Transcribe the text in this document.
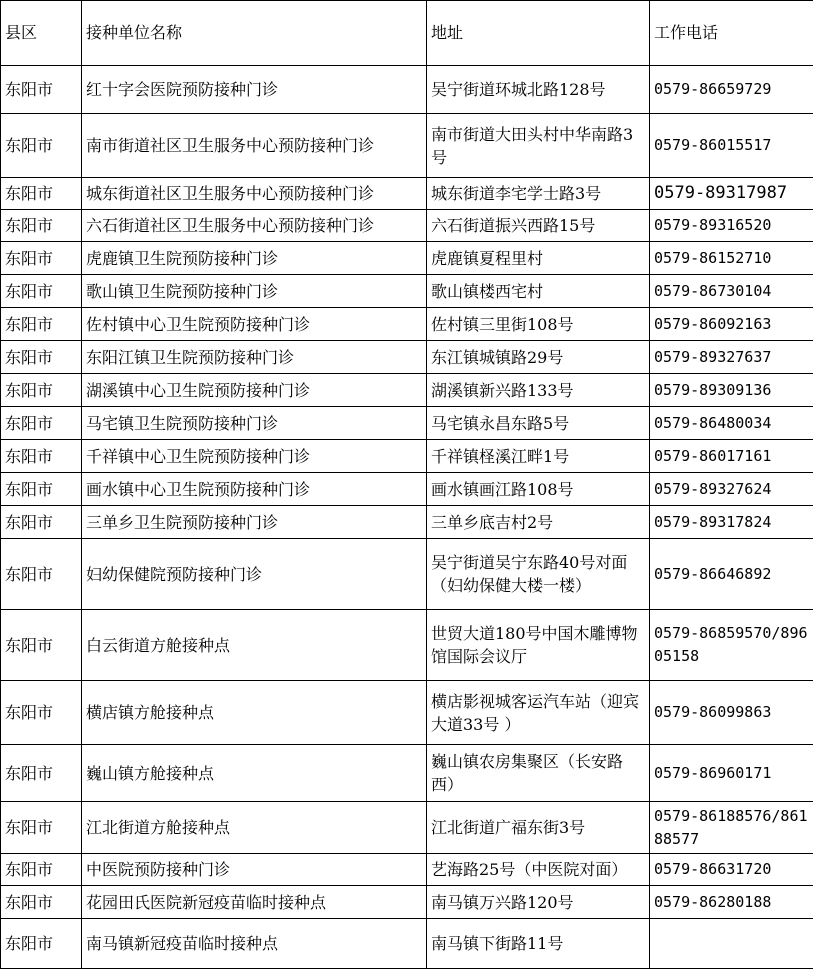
县区	接种单位名称	地址	工作电话
东阳市	红十字会医院预防接种门诊	吴宁街道环城北路128号	0579-86659729
东阳市	南市街道社区卫生服务中心预防接种门诊	南市街道大田头村中华南路3号	0579-86015517
东阳市	城东街道社区卫生服务中心预防接种门诊	城东街道李宅学士路3号	0579-89317987
东阳市	六石街道社区卫生服务中心预防接种门诊	六石街道振兴西路15号	0579-89316520
东阳市	虎鹿镇卫生院预防接种门诊	虎鹿镇夏程里村	0579-86152710
东阳市	歌山镇卫生院预防接种门诊	歌山镇楼西宅村	0579-86730104
东阳市	佐村镇中心卫生院预防接种门诊	佐村镇三里街108号	0579-86092163
东阳市	东阳江镇卫生院预防接种门诊	东江镇城镇路29号	0579-89327637
东阳市	湖溪镇中心卫生院预防接种门诊	湖溪镇新兴路133号	0579-89309136
东阳市	马宅镇卫生院预防接种门诊	马宅镇永昌东路5号	0579-86480034
东阳市	千祥镇中心卫生院预防接种门诊	千祥镇柽溪江畔1号	0579-86017161
东阳市	画水镇中心卫生院预防接种门诊	画水镇画江路108号	0579-89327624
东阳市	三单乡卫生院预防接种门诊	三单乡底吉村2号	0579-89317824
东阳市	妇幼保健院预防接种门诊	吴宁街道吴宁东路40号对面（妇幼保健大楼一楼）	0579-86646892
东阳市	白云街道方舱接种点	世贸大道180号中国木雕博物馆国际会议厅	0579-86859570/89605158
东阳市	横店镇方舱接种点	横店影视城客运汽车站（迎宾大道33号 ）	0579-86099863
东阳市	巍山镇方舱接种点	巍山镇农房集聚区（长安路西）	0579-86960171
东阳市	江北街道方舱接种点	江北街道广福东街3号	0579-86188576/86188577
东阳市	中医院预防接种门诊	艺海路25号（中医院对面）	0579-86631720
东阳市	花园田氏医院新冠疫苗临时接种点	南马镇万兴路120号	0579-86280188
东阳市	南马镇新冠疫苗临时接种点	南马镇下街路11号	
